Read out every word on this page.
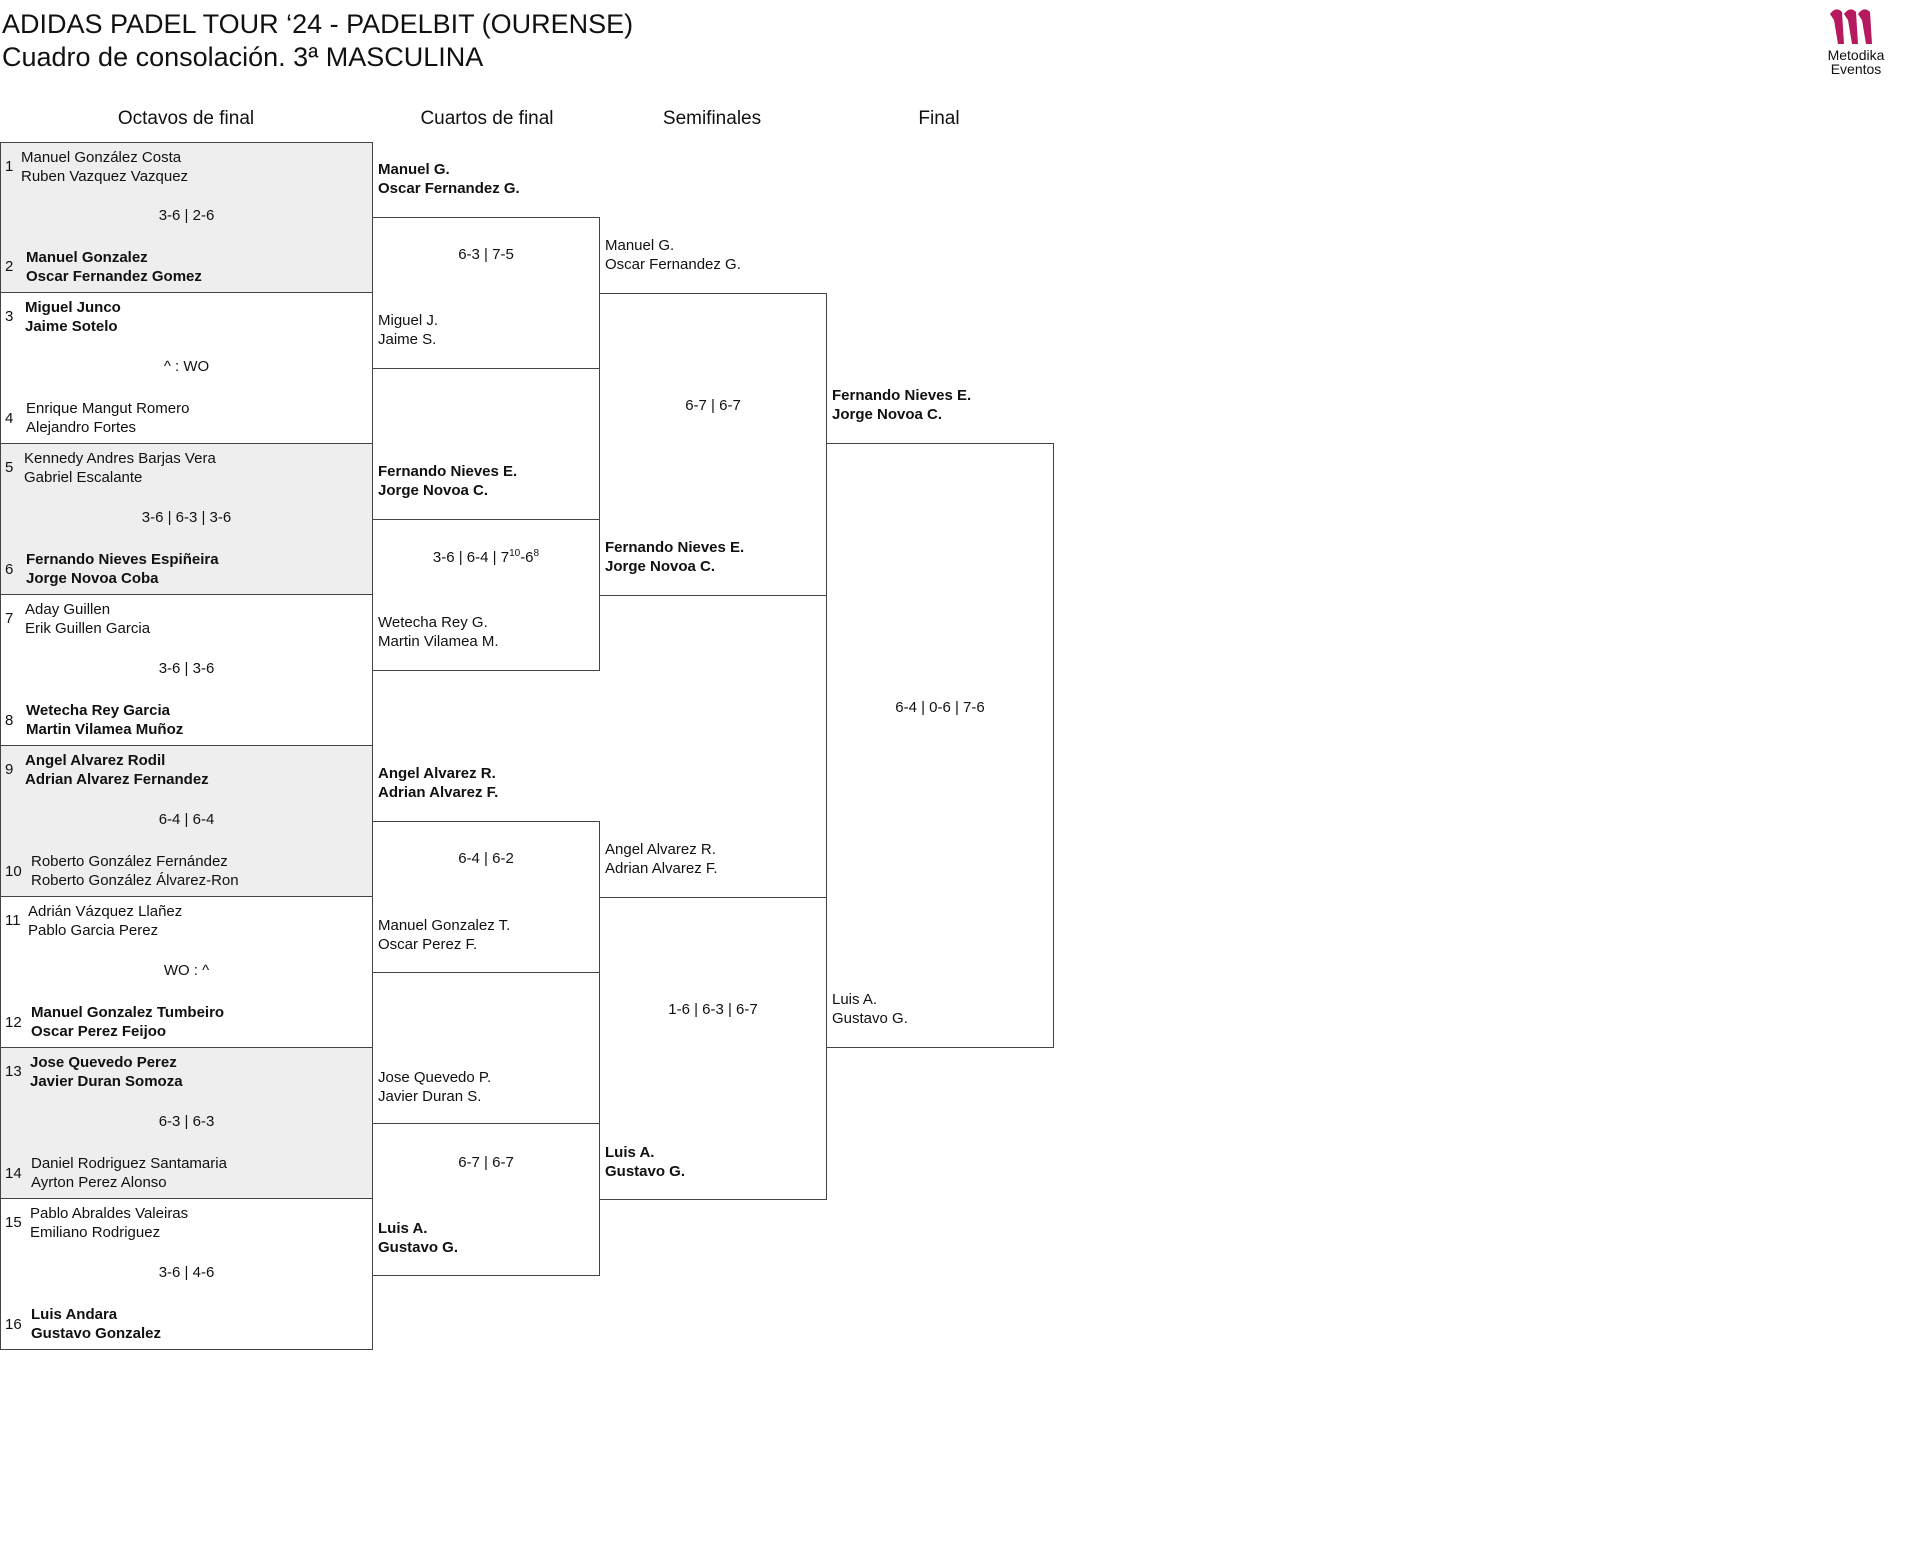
ADIDAS PADEL TOUR ‘24 - PADELBIT (OURENSE)
Cuadro de consolación. 3ª MASCULINA	Metodika
Eventos
Octavos de final	Cuartos de final	Semifinales	Final
1
Manuel González Costa
Ruben Vazquez Vazquez
3-6 | 2-6
2
Manuel Gonzalez
Oscar Fernandez Gomez
3
Miguel Junco
Jaime Sotelo
^ : WO
4
Enrique Mangut Romero
Alejandro Fortes
5
Kennedy Andres Barjas Vera
Gabriel Escalante
3-6 | 6-3 | 3-6
6
Fernando Nieves Espiñeira
Jorge Novoa Coba
7
Aday Guillen
Erik Guillen Garcia
3-6 | 3-6
8
Wetecha Rey Garcia
Martin Vilamea Muñoz
9
Angel Alvarez Rodil
Adrian Alvarez Fernandez
6-4 | 6-4
10
Roberto González Fernández
Roberto González Álvarez-Ron
11
Adrián Vázquez Llañez
Pablo Garcia Perez
WO : ^
12
Manuel Gonzalez Tumbeiro
Oscar Perez Feijoo
13
Jose Quevedo Perez
Javier Duran Somoza
6-3 | 6-3
14
Daniel Rodriguez Santamaria
Ayrton Perez Alonso
15
Pablo Abraldes Valeiras
Emiliano Rodriguez
3-6 | 4-6
16
Luis Andara
Gustavo Gonzalez
Manuel G.
Oscar Fernandez G.
6-3 | 7-5
Miguel J.
Jaime S.
Fernando Nieves E.
Jorge Novoa C.
3-6 | 6-4 | $7^{10}-6^8$
Wetecha Rey G.
Martin Vilamea M.
Angel Alvarez R.
Adrian Alvarez F.
6-4 | 6-2
Manuel Gonzalez T.
Oscar Perez F.
Jose Quevedo P.
Javier Duran S.
6-7 | 6-7
Luis A.
Gustavo G.
Manuel G.
Oscar Fernandez G.
6-7 | 6-7
Fernando Nieves E.
Jorge Novoa C.
Angel Alvarez R.
Adrian Alvarez F.
1-6 | 6-3 | 6-7
Luis A.
Gustavo G.
Fernando Nieves E.
Jorge Novoa C.
6-4 | 0-6 | 7-6
Luis A.
Gustavo G.
